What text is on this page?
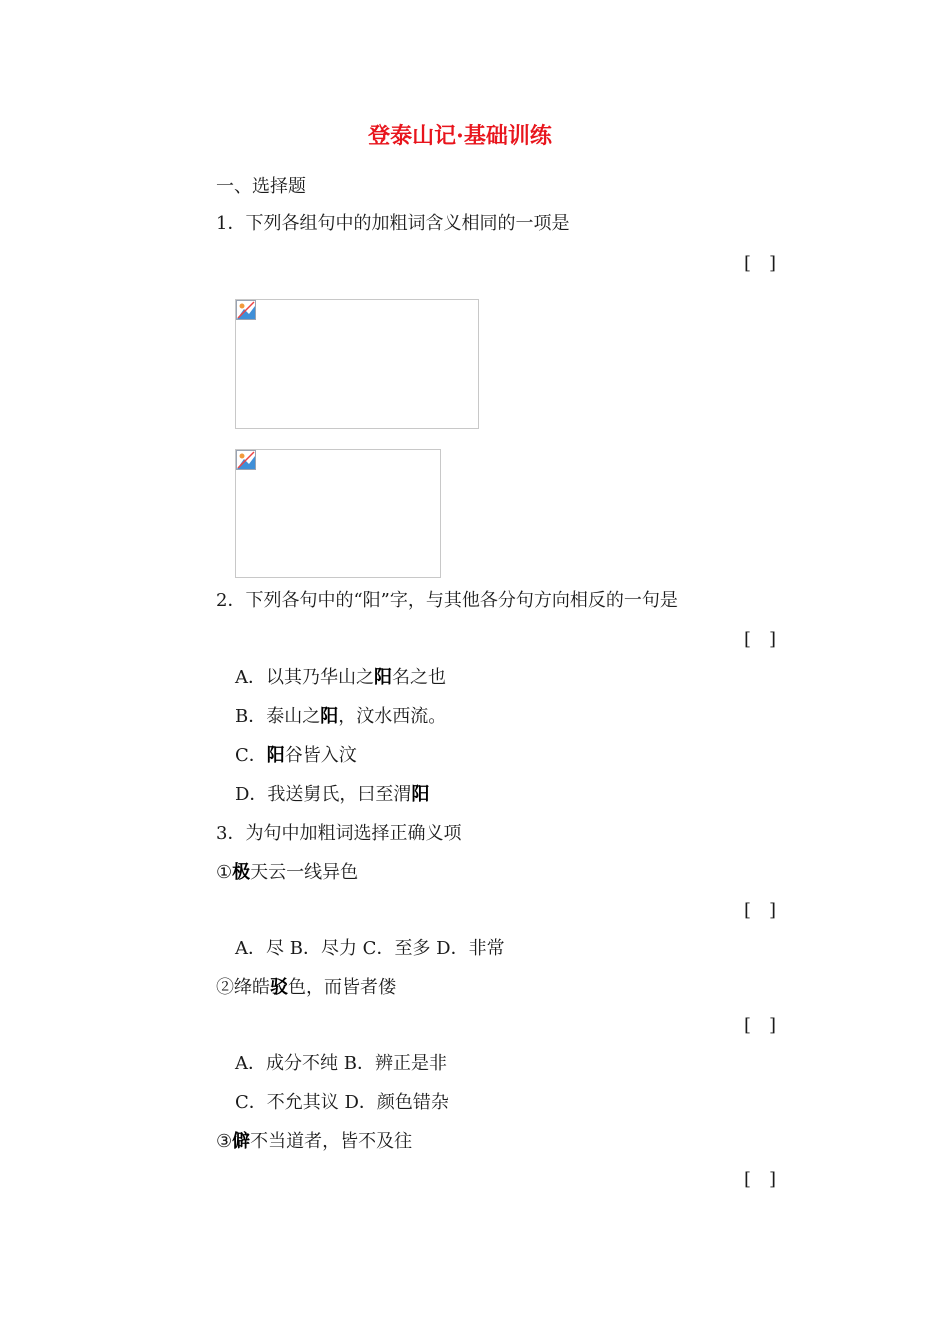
登泰山记·基础训练
一、选择题
1．下列各组句中的加粗词含义相同的一项是
[　]
2．下列各句中的“阳”字，与其他各分句方向相反的一句是
[　]
A．以其乃华山之阳名之也
B．泰山之阳，汶水西流。
C．阳谷皆入汶
D．我送舅氏，曰至渭阳
3．为句中加粗词选择正确义项
①极天云一线异色
[　]
A．尽 B．尽力 C．至多 D．非常
②绛皓驳色，而皆者偻
[　]
A．成分不纯 B．辨正是非
C．不允其议 D．颜色错杂
③僻不当道者，皆不及往
[　]
